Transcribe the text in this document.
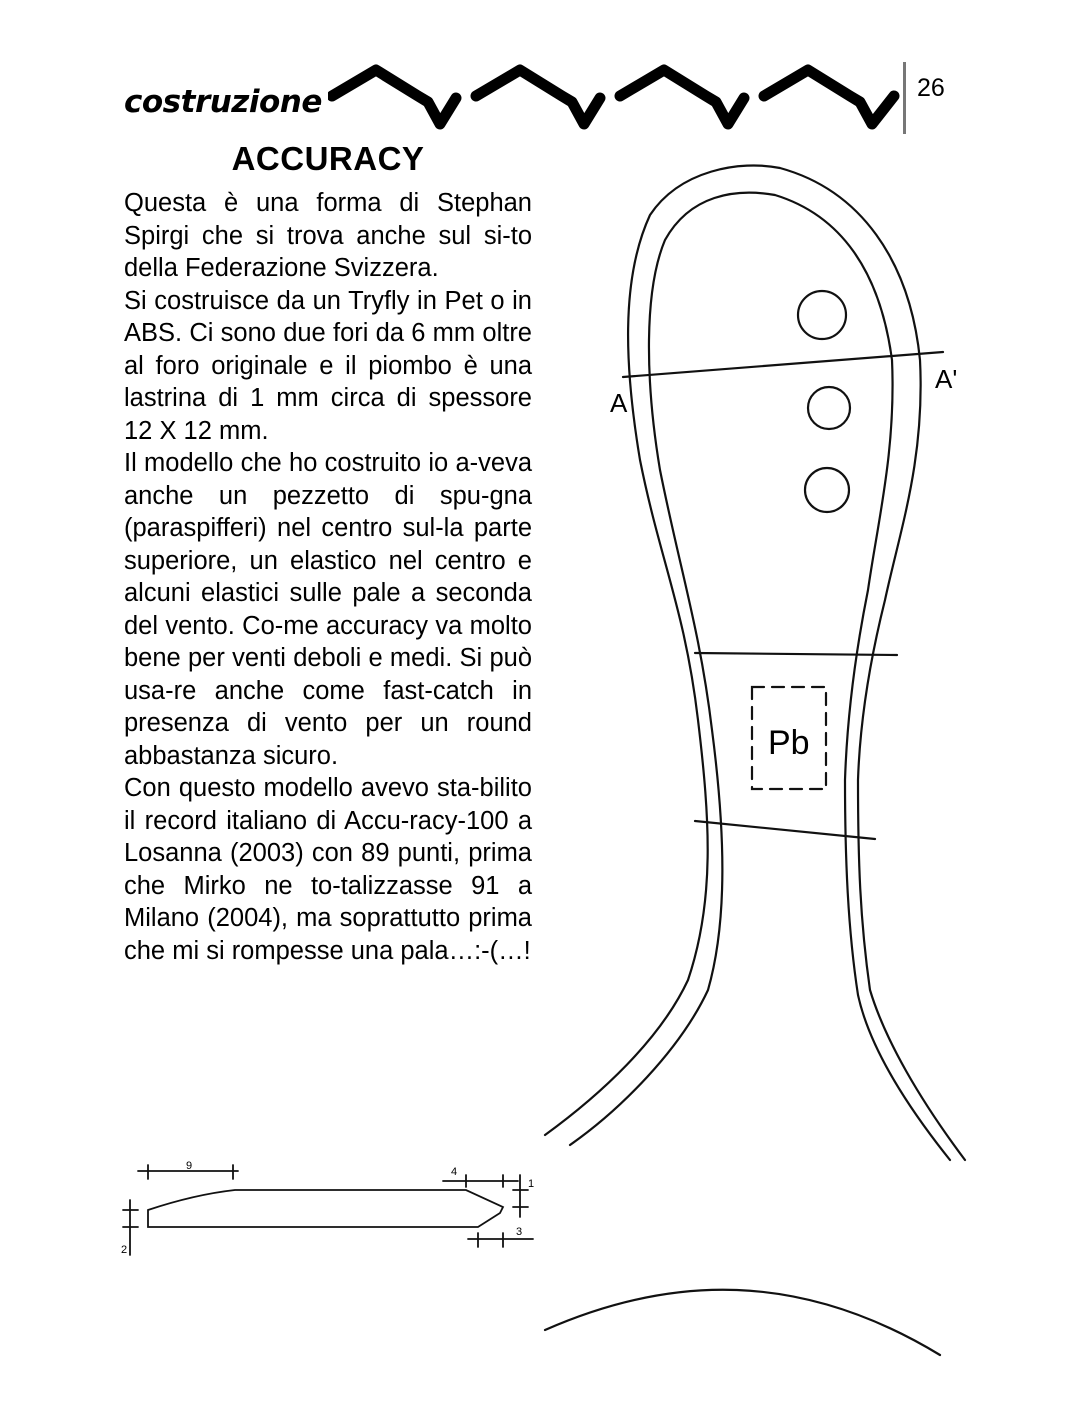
costruzione	26
ACCURACY

Questa è una forma di Stephan Spirgi che si trova anche sul si-to della Federazione Svizzera.

Si costruisce da un Tryfly in Pet o in ABS. Ci sono due fori da 6 mm oltre al foro originale e il piombo è una lastrina di 1 mm circa di spessore 12 X 12 mm.

Il modello che ho costruito io a-veva anche un pezzetto di spu-gna (paraspifferi) nel centro sul-la parte superiore, un elastico nel centro e alcuni elastici sulle pale a seconda del vento. Co-me accuracy va molto bene per venti deboli e medi. Si può usa-re anche come fast-catch in presenza di vento per un round abbastanza sicuro.

Con questo modello avevo sta-bilito il record italiano di Accu-racy-100 a Losanna (2003) con 89 punti, prima che Mirko ne to-talizzasse 91 a Milano (2004), ma soprattutto prima che mi si rompesse una pala…:-(…!

A
A'
Pb
9	4
1
2
3
